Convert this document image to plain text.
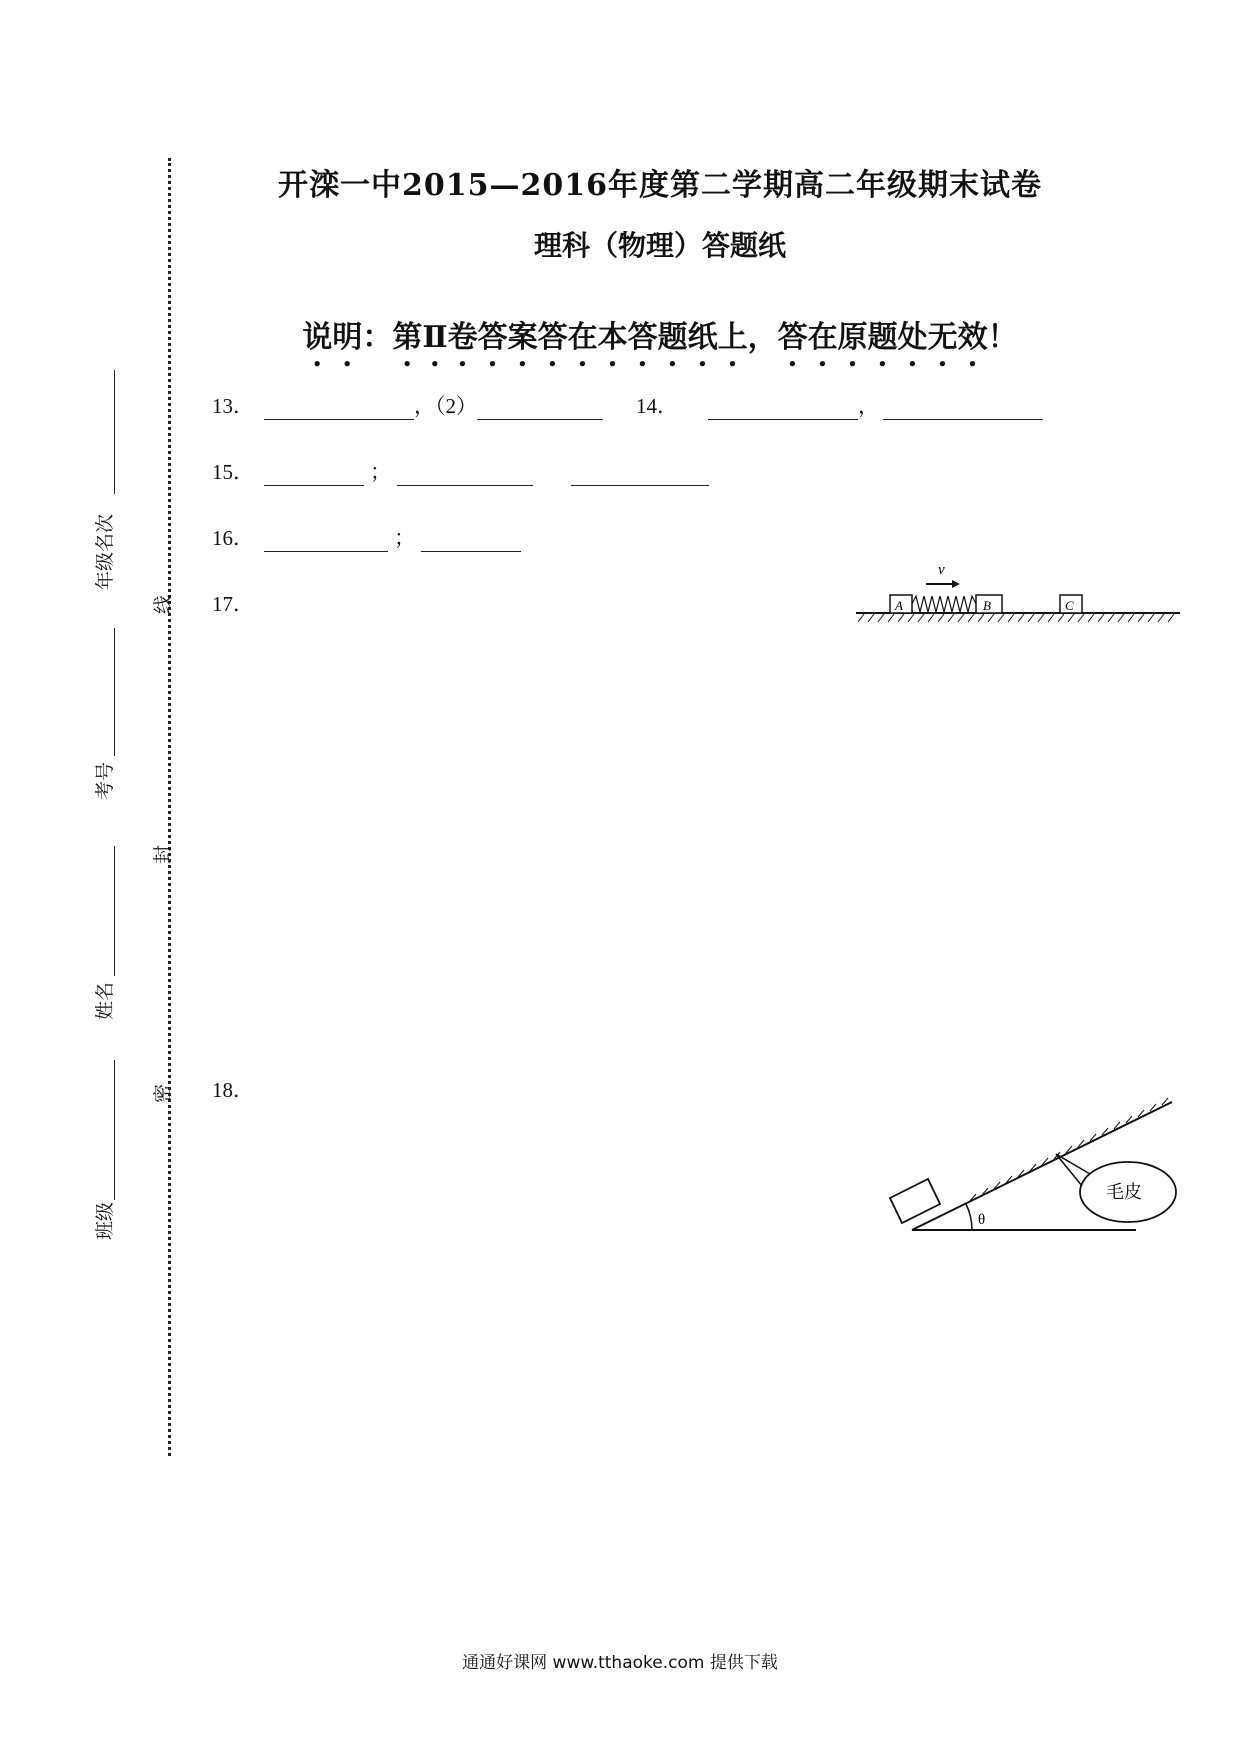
线
封
密
班级
姓名
考号
年级名次
开滦一中2015—2016年度第二学期高二年级期末试卷
理科（物理）答题纸
说明：第Ⅱ卷答案答在本答题纸上，答在原题处无效！
13．	，（2）	14．	，
15．	；
16．	；
17．
v
A	B	C
18．
θ
毛皮
通通好课网 www.tthaoke.com 提供下载
